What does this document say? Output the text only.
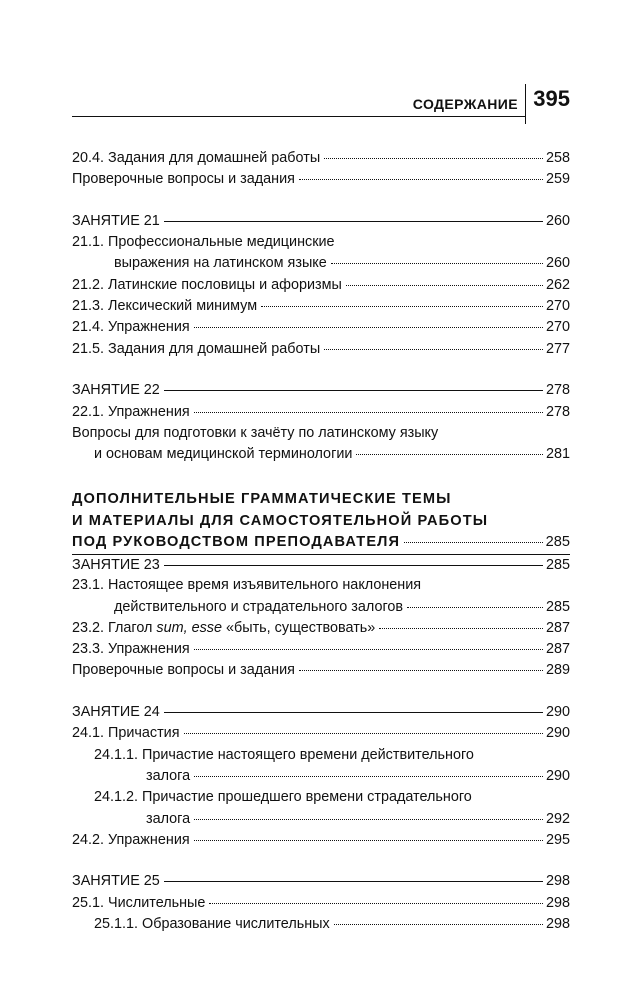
СОДЕРЖАНИЕ 395
20.4. Задания для домашней работы	258
Проверочные вопросы и задания	259
ЗАНЯТИЕ 21	260
21.1. Профессиональные медицинские
выражения на латинском языке	260
21.2. Латинские пословицы и афоризмы	262
21.3. Лексический минимум	270
21.4. Упражнения	270
21.5. Задания для домашней работы	277
ЗАНЯТИЕ 22	278
22.1. Упражнения	278
Вопросы для подготовки к зачёту по латинскому языку
и основам медицинской терминологии	281
ДОПОЛНИТЕЛЬНЫЕ ГРАММАТИЧЕСКИЕ ТЕМЫ
И МАТЕРИАЛЫ ДЛЯ САМОСТОЯТЕЛЬНОЙ РАБОТЫ
ПОД РУКОВОДСТВОМ ПРЕПОДАВАТЕЛЯ	285
ЗАНЯТИЕ 23	285
23.1. Настоящее время изъявительного наклонения
действительного и страдательного залогов	285
23.2. Глагол sum, esse «быть, существовать»	287
23.3. Упражнения	287
Проверочные вопросы и задания	289
ЗАНЯТИЕ 24	290
24.1. Причастия	290
24.1.1. Причастие настоящего времени действительного
залога	290
24.1.2. Причастие прошедшего времени страдательного
залога	292
24.2. Упражнения	295
ЗАНЯТИЕ 25	298
25.1. Числительные	298
25.1.1. Образование числительных	298
